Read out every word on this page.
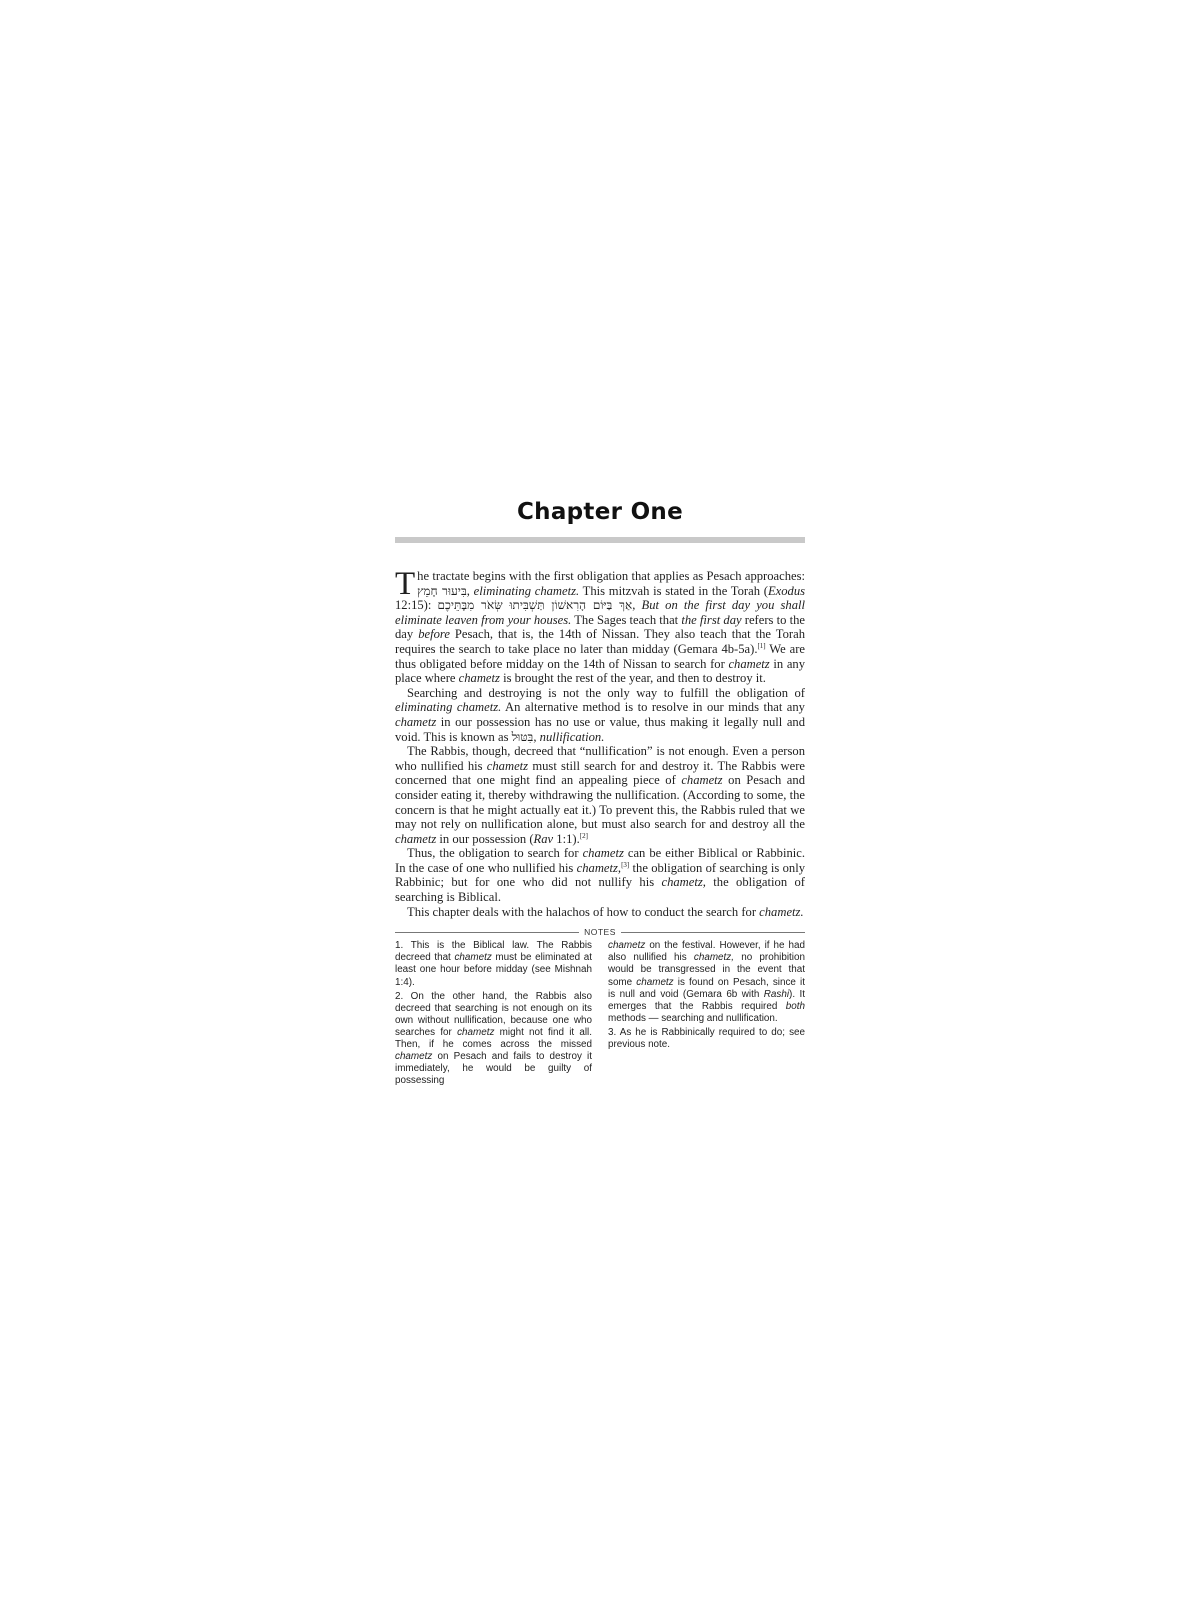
Chapter One

The tractate begins with the first obligation that applies as Pesach approaches: בִּיעוּר חָמֵץ, eliminating chametz. This mitzvah is stated in the Torah (Exodus 12:15): אַךְ בַּיּוֹם הָרִאשׁוֹן תַּשְׁבִּיתוּ שְּׂאֹר מִבָּתֵּיכֶם, But on the first day you shall eliminate leaven from your houses. The Sages teach that the first day refers to the day before Pesach, that is, the 14th of Nissan. They also teach that the Torah requires the search to take place no later than midday (Gemara 4b-5a).[1] We are thus obligated before midday on the 14th of Nissan to search for chametz in any place where chametz is brought the rest of the year, and then to destroy it.

Searching and destroying is not the only way to fulfill the obligation of eliminating chametz. An alternative method is to resolve in our minds that any chametz in our possession has no use or value, thus making it legally null and void. This is known as בִּטּוּל, nullification.

The Rabbis, though, decreed that “nullification” is not enough. Even a person who nullified his chametz must still search for and destroy it. The Rabbis were concerned that one might find an appealing piece of chametz on Pesach and consider eating it, thereby withdrawing the nullification. (According to some, the concern is that he might actually eat it.) To prevent this, the Rabbis ruled that we may not rely on nullification alone, but must also search for and destroy all the chametz in our possession (Rav 1:1).[2]

Thus, the obligation to search for chametz can be either Biblical or Rabbinic. In the case of one who nullified his chametz,[3] the obligation of searching is only Rabbinic; but for one who did not nullify his chametz, the obligation of searching is Biblical.

This chapter deals with the halachos of how to conduct the search for chametz.

NOTES

1. This is the Biblical law. The Rabbis decreed that chametz must be eliminated at least one hour before midday (see Mishnah 1:4).

2. On the other hand, the Rabbis also decreed that searching is not enough on its own without nullification, because one who searches for chametz might not find it all. Then, if he comes across the missed chametz on Pesach and fails to destroy it immediately, he would be guilty of possessing

chametz on the festival. However, if he had also nullified his chametz, no prohibition would be transgressed in the event that some chametz is found on Pesach, since it is null and void (Gemara 6b with Rashi). It emerges that the Rabbis required both methods — searching and nullification.

3. As he is Rabbinically required to do; see previous note.
